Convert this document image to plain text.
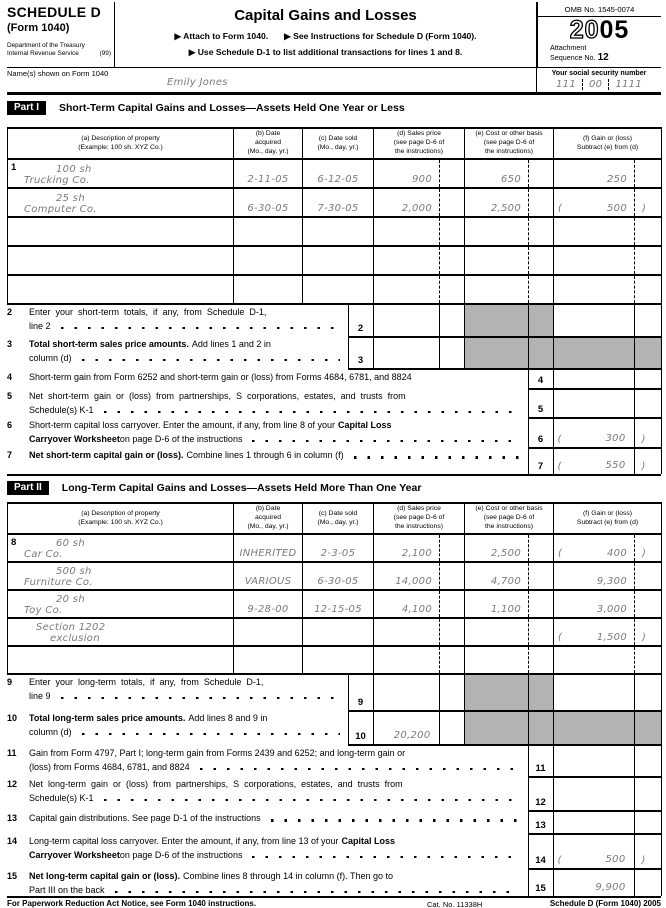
SCHEDULE D
(Form 1040)
Department of the Treasury
Internal Revenue Service	(99)
Capital Gains and Losses
▶ Attach to Form 1040. ▶ See Instructions for Schedule D (Form 1040).
▶ Use Schedule D-1 to list additional transactions for lines 1 and 8.
OMB No. 1545-0074
2005
Attachment
Sequence No. 12
Name(s) shown on Form 1040
Emily Jones
Your social security number
111	00	1111
Part I	Short-Term Capital Gains and Losses—Assets Held One Year or Less
(a) Description of property
(Example: 100 sh. XYZ Co.)

(b) Date
acquired
(Mo., day, yr.)

(c) Date sold
(Mo., day, yr.)

(d) Sales price
(see page D-6 of
the instructions)

(e) Cost or other basis
(see page D-6 of
the instructions)

(f) Gain or (loss)
Subtract (e) from (d)

1 100 sh
Trucking Co.	2-11-05	6-12-05	900		650		250	

25 sh
Computer Co.	6-30-05	7-30-05	2,000		2,500		(	500	)

2 Enter your short-term totals, if any, from Schedule D-1,
line 2	2						

3 Total short-term sales price amounts. Add lines 1 and 2 in
column (d)	3						
4 Short-term gain from Form 6252 and short-term gain or (loss) from Forms 4684, 6781, and 8824	4	

5 Net short-term gain or (loss) from partnerships, S corporations, estates, and trusts from
Schedule(s) K-1	5	

6 Short-term capital loss carryover. Enter the amount, if any, from line 8 of your Capital Loss
Carryover Worksheet on page D-6 of the instructions	6	(	300	)

7 Net short-term capital gain or (loss). Combine lines 1 through 6 in column (f)	7	( 550	)
Part II	Long-Term Capital Gains and Losses—Assets Held More Than One Year
(a) Description of property
(Example: 100 sh. XYZ Co.)

(b) Date
acquired
(Mo., day, yr.)

(c) Date sold
(Mo., day, yr.)

(d) Sales price
(see page D-6 of
the instructions)

(e) Cost or other basis
(see page D-6 of
the instructions)

(f) Gain or (loss)
Subtract (e) from (d)

8	60 sh
Car Co.	INHERITED	2-3-05	2,100		2,500		(	400	)

500 sh
Furniture Co.	VARIOUS	6-30-05	14,000		4,700		9,300	

20 sh
Toy Co.	9-28-00	12-15-05	4,100		1,100		3,000	

Section 1202
exclusion							(	1,500	)

9 Enter your long-term totals, if any, from Schedule D-1,
line 9	9						

10 Total long-term sales price amounts. Add lines 8 and 9 in
column (d)	10	20,200					
11 Gain from Form 4797, Part I; long-term gain from Forms 2439 and 6252; and long-term gain or
(loss) from Forms 4684, 6781, and 8824	11	

12 Net long-term gain or (loss) from partnerships, S corporations, estates, and trusts from
Schedule(s) K-1	12	

13 Capital gain distributions. See page D-1 of the instructions	13	

14 Long-term capital loss carryover. Enter the amount, if any, from line 13 of your Capital Loss
Carryover Worksheet on page D-6 of the instructions
	14	(	500	)

15 Net long-term capital gain or (loss). Combine lines 8 through 14 in column (f). Then go to
Part III on the back	15	9,900	
For Paperwork Reduction Act Notice, see Form 1040 instructions.	Cat. No. 11338H	Schedule D (Form 1040) 2005
